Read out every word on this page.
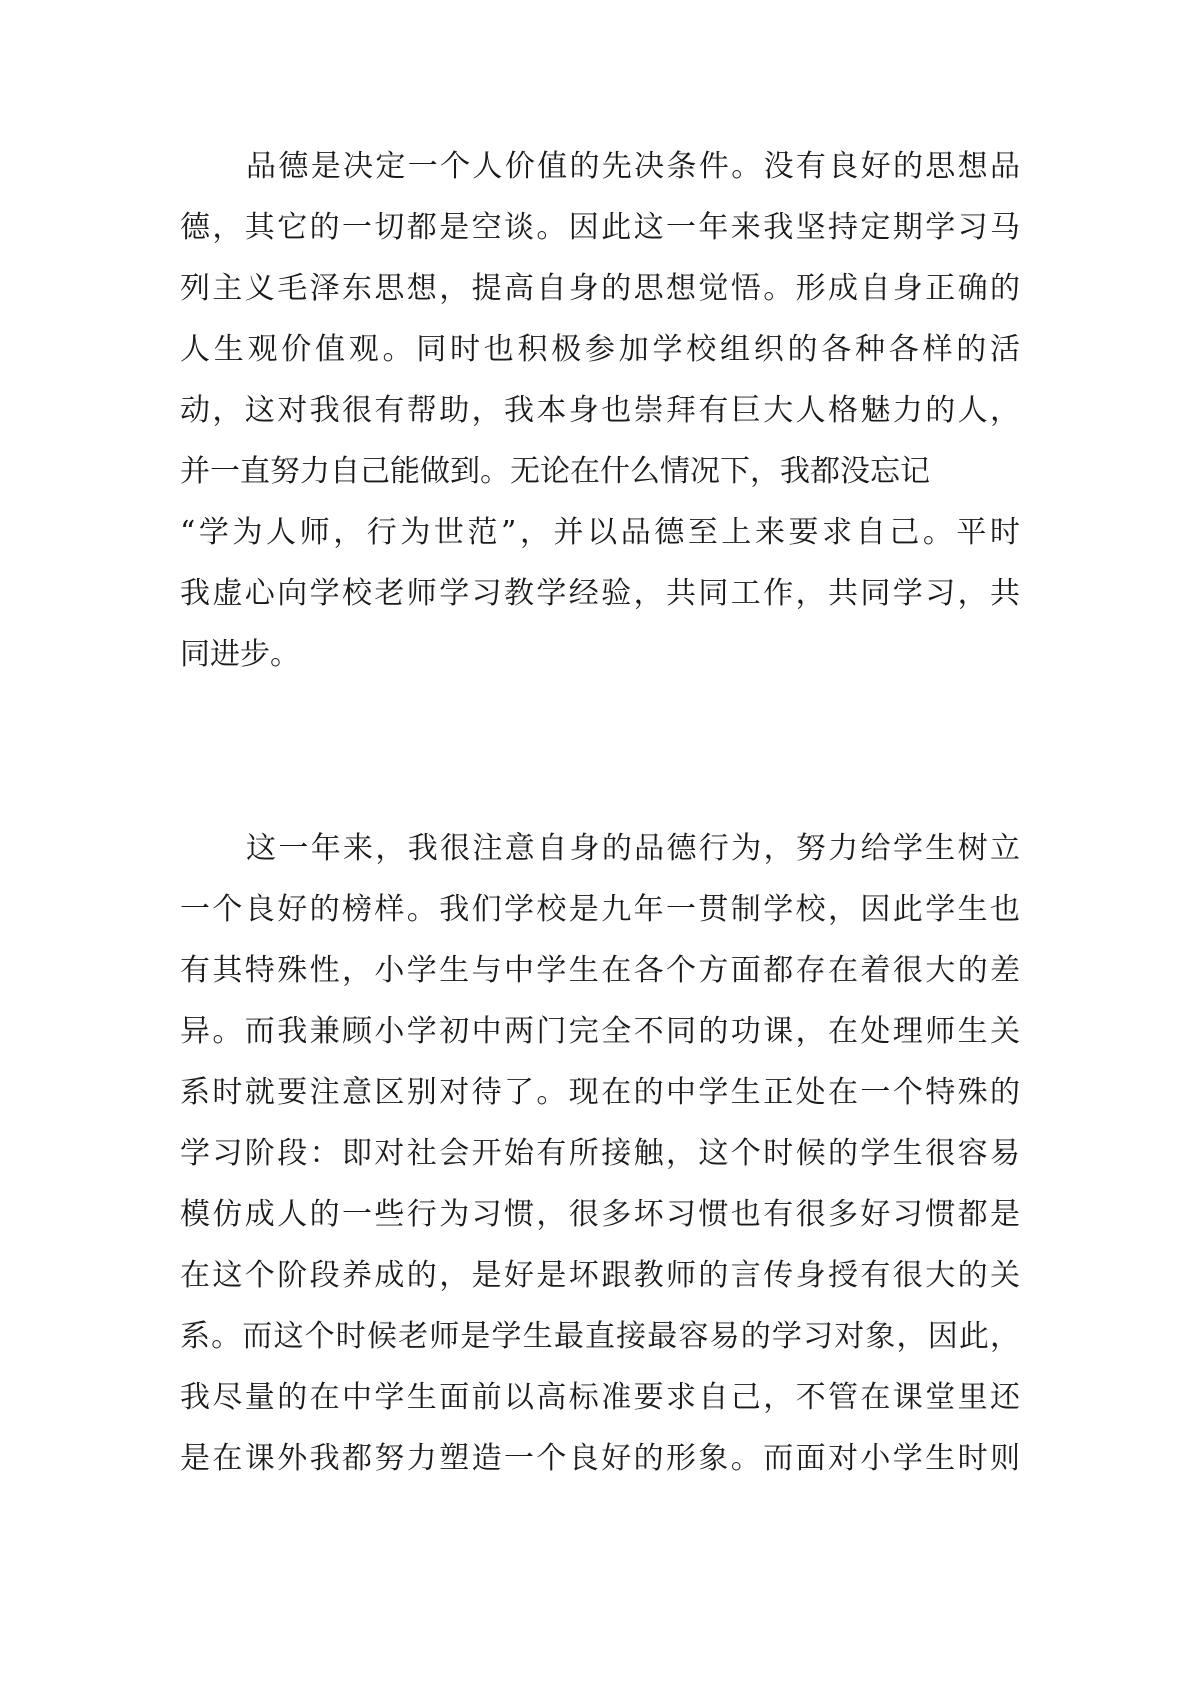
品德是决定一个人价值的先决条件。没有良好的思想品

德，其它的一切都是空谈。因此这一年来我坚持定期学习马

列主义毛泽东思想，提高自身的思想觉悟。形成自身正确的

人生观价值观。同时也积极参加学校组织的各种各样的活

动，这对我很有帮助，我本身也崇拜有巨大人格魅力的人，

并一直努力自己能做到。无论在什么情况下，我都没忘记

“学为人师，行为世范”，并以品德至上来要求自己。平时

我虚心向学校老师学习教学经验，共同工作，共同学习，共

同进步。

这一年来，我很注意自身的品德行为，努力给学生树立

一个良好的榜样。我们学校是九年一贯制学校，因此学生也

有其特殊性，小学生与中学生在各个方面都存在着很大的差

异。而我兼顾小学初中两门完全不同的功课，在处理师生关

系时就要注意区别对待了。现在的中学生正处在一个特殊的

学习阶段：即对社会开始有所接触，这个时候的学生很容易

模仿成人的一些行为习惯，很多坏习惯也有很多好习惯都是

在这个阶段养成的，是好是坏跟教师的言传身授有很大的关

系。而这个时候老师是学生最直接最容易的学习对象，因此，

我尽量的在中学生面前以高标准要求自己，不管在课堂里还

是在课外我都努力塑造一个良好的形象。而面对小学生时则
